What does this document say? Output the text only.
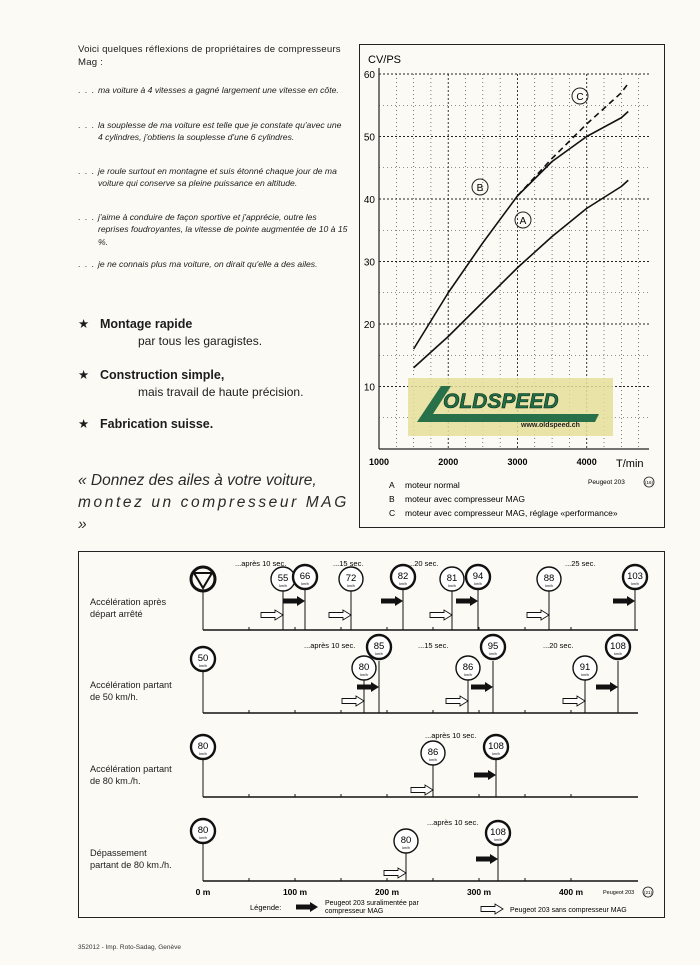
Voici quelques réflexions de propriétaires de compresseurs Mag :
. . . ma voiture à 4 vitesses a gagné largement une vitesse en côte.
. . . la souplesse de ma voiture est telle que je constate qu'avec une 4 cylindres, j'obtiens la souplesse d'une 6 cylindres.
. . . je roule surtout en montagne et suis étonné chaque jour de ma voiture qui conserve sa pleine puissance en altitude.
. . . j'aime à conduire de façon sportive et j'apprécie, outre les reprises foudroyantes, la vitesse de pointe augmentée de 10 à 15 %.
. . . je ne connais plus ma voiture, on dirait qu'elle a des ailes.
★ Montage rapide
par tous les garagistes.
★ Construction simple,
mais travail de haute précision.
★ Fabrication suisse.
« Donnez des ailes à votre voiture,
montez un compresseur MAG »
CV/PS
T/min
10
20
30
40
50
60
1000	2000	3000	4000
A
B
C
OLDSPEED
www.oldspeed.ch
A moteur normal
B moteur avec compresseur MAG
C moteur avec compresseur MAG, réglage «performance»
Peugeot 203	(16)
Accélération après
départ arrêté
Accélération partant
de 50 km/h.
Accélération partant
de 80 km./h.
Dépassement
partant de 80 km./h.
55
km/h
66
km/h
...après 10 sec.
72
km/h
82
km/h
...15 sec.
81
km/h
94
km/h
...20 sec.
88
km/h
103
km/h
...25 sec.
50
km/h	80
km/h
85
km/h
...après 10 sec.
86
km/h
95
km/h
...15 sec.
91
km/h
108
km/h
...20 sec.
80
km/h	86
km/h
108
km/h
...après 10 sec.
80
km/h	80
km/h
108
km/h
...après 10 sec.
0 m	100 m	200 m	300 m	400 m
Légende:	Peugeot 203 suralimentée par
compresseur MAG	Peugeot 203 sans compresseur MAG
Peugeot 203 (21)
352012 - Imp. Roto-Sadag, Genève
